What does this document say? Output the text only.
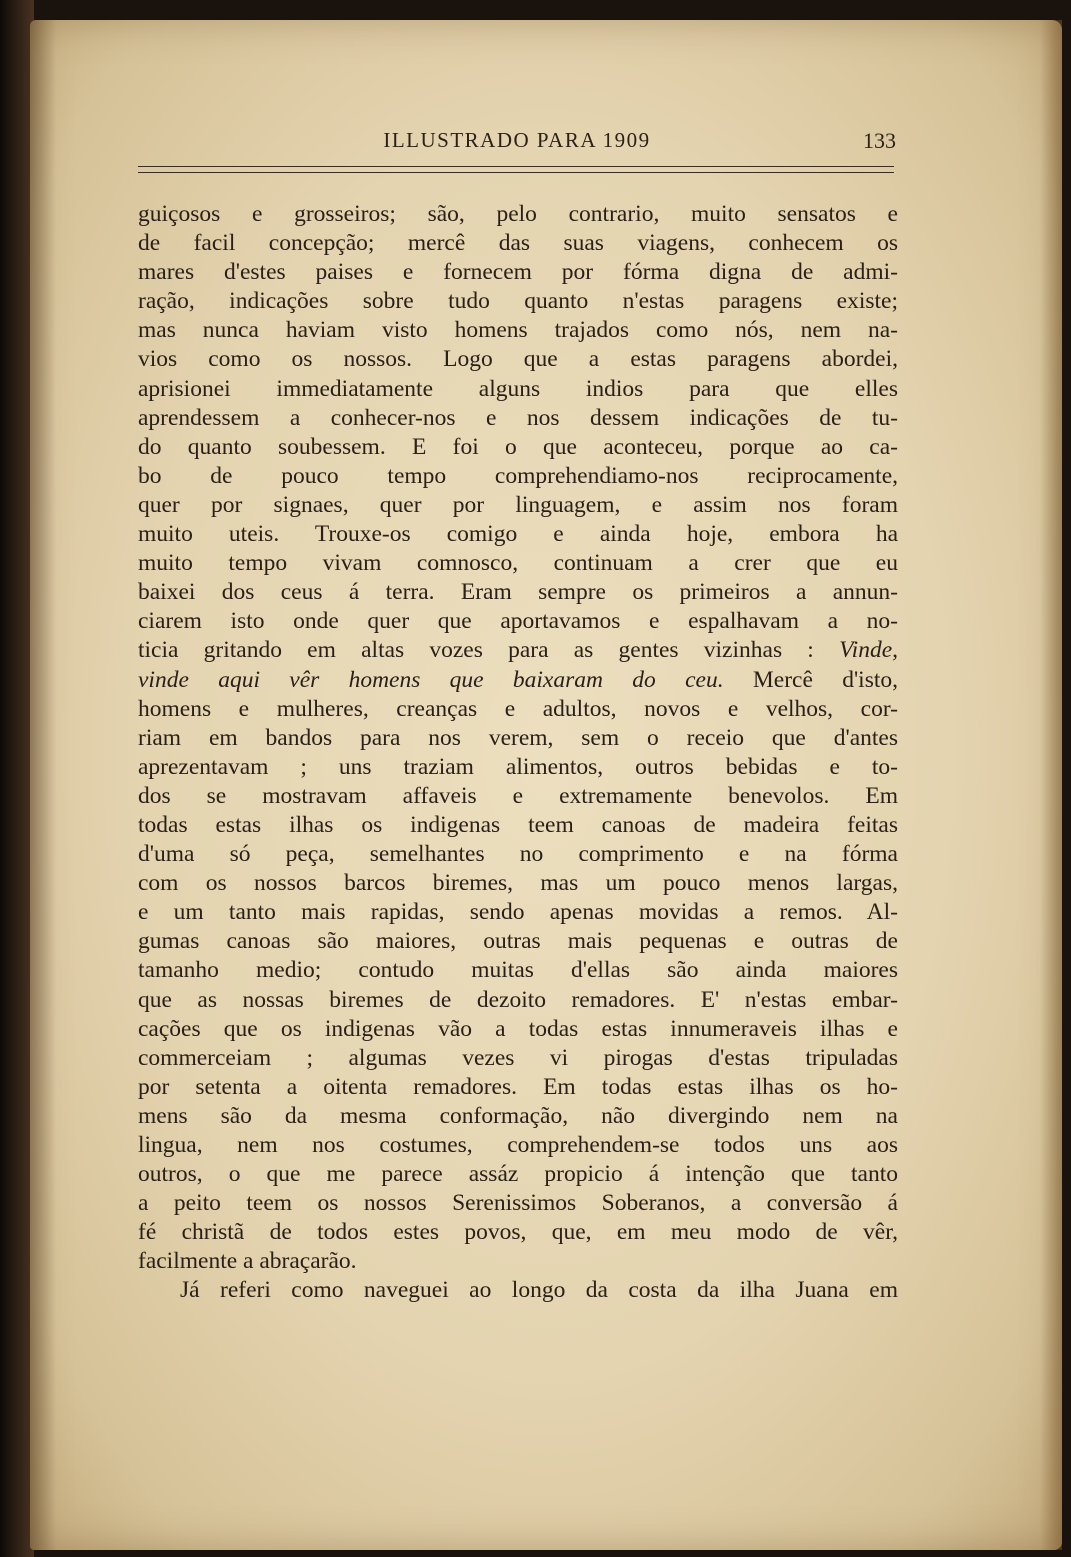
ILLUSTRADO PARA 1909	133
guiçosos e grosseiros; são, pelo contrario, muito sensatos e
de facil concepção; mercê das suas viagens, conhecem os
mares d'estes paises e fornecem por fórma digna de admi-
ração, indicações sobre tudo quanto n'estas paragens existe;
mas nunca haviam visto homens trajados como nós, nem na-
vios como os nossos. Logo que a estas paragens abordei,
aprisionei immediatamente alguns indios para que elles
aprendessem a conhecer-nos e nos dessem indicações de tu-
do quanto soubessem. E foi o que aconteceu, porque ao ca-
bo de pouco tempo comprehendiamo-nos reciprocamente,
quer por signaes, quer por linguagem, e assim nos foram
muito uteis. Trouxe-os comigo e ainda hoje, embora ha
muito tempo vivam comnosco, continuam a crer que eu
baixei dos ceus á terra. Eram sempre os primeiros a annun-
ciarem isto onde quer que aportavamos e espalhavam a no-
ticia gritando em altas vozes para as gentes vizinhas : Vinde,
vinde aqui vêr homens que baixaram do ceu. Mercê d'isto,
homens e mulheres, creanças e adultos, novos e velhos, cor-
riam em bandos para nos verem, sem o receio que d'antes
aprezentavam ; uns traziam alimentos, outros bebidas e to-
dos se mostravam affaveis e extremamente benevolos. Em
todas estas ilhas os indigenas teem canoas de madeira feitas
d'uma só peça, semelhantes no comprimento e na fórma
com os nossos barcos biremes, mas um pouco menos largas,
e um tanto mais rapidas, sendo apenas movidas a remos. Al-
gumas canoas são maiores, outras mais pequenas e outras de
tamanho medio; contudo muitas d'ellas são ainda maiores
que as nossas biremes de dezoito remadores. E' n'estas embar-
cações que os indigenas vão a todas estas innumeraveis ilhas e
commerceiam ; algumas vezes vi pirogas d'estas tripuladas
por setenta a oitenta remadores. Em todas estas ilhas os ho-
mens são da mesma conformação, não divergindo nem na
lingua, nem nos costumes, comprehendem-se todos uns aos
outros, o que me parece assáz propicio á intenção que tanto
a peito teem os nossos Serenissimos Soberanos, a conversão á
fé christã de todos estes povos, que, em meu modo de vêr,
facilmente a abraçarão.
Já referi como naveguei ao longo da costa da ilha Juana em
